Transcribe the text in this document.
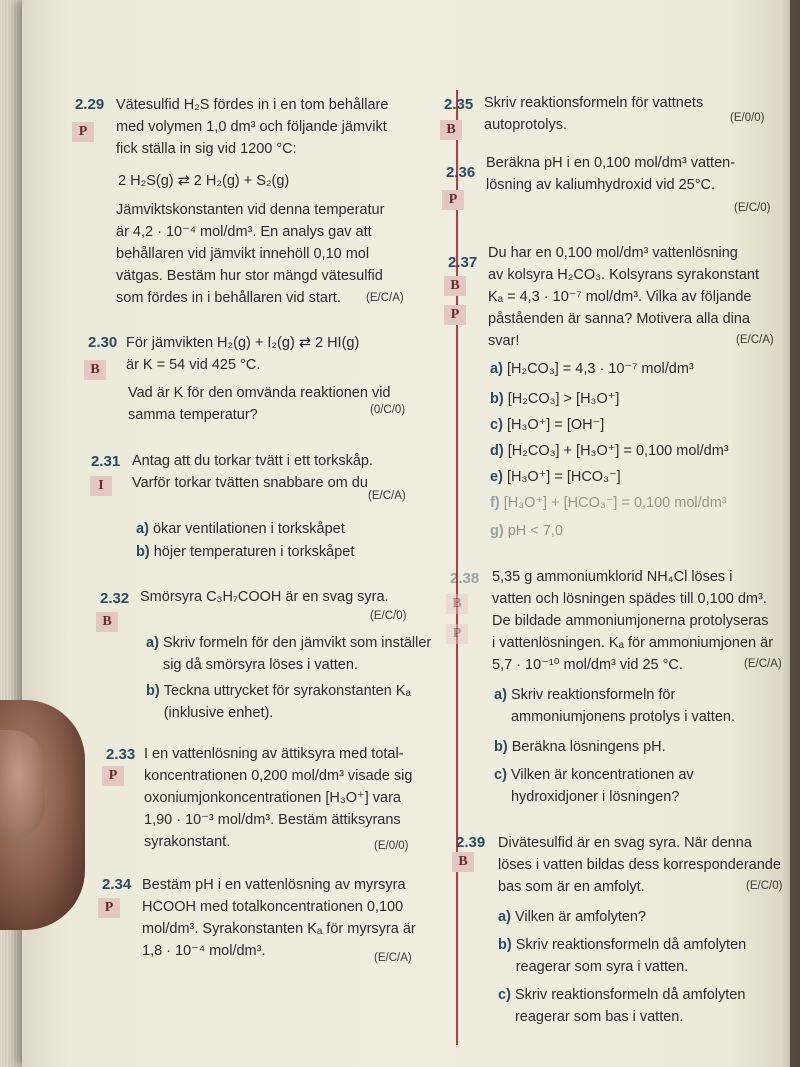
2.29
P
Vätesulfid H₂S fördes in i en tom behållare
med volymen 1,0 dm³ och följande jämvikt
fick ställa in sig vid 1200 °C:
2 H₂S(g) ⇄ 2 H₂(g) + S₂(g)
Jämviktskonstanten vid denna temperatur
är 4,2 · 10⁻⁴ mol/dm³. En analys gav att
behållaren vid jämvikt innehöll 0,10 mol
vätgas. Bestäm hur stor mängd vätesulfid
som fördes in i behållaren vid start.	(E/C/A)
2.30
B
För jämvikten H₂(g) + I₂(g) ⇄ 2 HI(g)
är K = 54 vid 425 °C.
Vad är K för den omvända reaktionen vid
samma temperatur?	(0/C/0)
2.31
I
Antag att du torkar tvätt i ett torkskåp.
Varför torkar tvätten snabbare om du
(E/C/A)
a) ökar ventilationen i torkskåpet
b) höjer temperaturen i torkskåpet
2.32
B
Smörsyra C₃H₇COOH är en svag syra.
(E/C/0)
a) Skriv formeln för den jämvikt som inställer
sig då smörsyra löses i vatten.
b) Teckna uttrycket för syrakonstanten Kₐ
(inklusive enhet).
2.33
P
I en vattenlösning av ättiksyra med total-
koncentrationen 0,200 mol/dm³ visade sig
oxoniumjonkoncentrationen [H₃O⁺] vara
1,90 · 10⁻³ mol/dm³. Bestäm ättiksyrans
syrakonstant.	(E/0/0)
2.34
P
Bestäm pH i en vattenlösning av myrsyra
HCOOH med totalkoncentrationen 0,100
mol/dm³. Syrakonstanten Kₐ för myrsyra är
1,8 · 10⁻⁴ mol/dm³.	(E/C/A)
2.35
B
Skriv reaktionsformeln för vattnets
autoprotolys.	(E/0/0)
2.36
P
Beräkna pH i en 0,100 mol/dm³ vatten-
lösning av kaliumhydroxid vid 25°C.
(E/C/0)
2.37
B
P
Du har en 0,100 mol/dm³ vattenlösning
av kolsyra H₂CO₃. Kolsyrans syrakonstant
Kₐ = 4,3 · 10⁻⁷ mol/dm³. Vilka av följande
påståenden är sanna? Motivera alla dina
svar!	(E/C/A)
a) [H₂CO₃] = 4,3 · 10⁻⁷ mol/dm³
b) [H₂CO₃] > [H₃O⁺]
c) [H₃O⁺] = [OH⁻]
d) [H₂CO₃] + [H₃O⁺] = 0,100 mol/dm³
e) [H₃O⁺] = [HCO₃⁻]
f) [H₃O⁺] + [HCO₃⁻] = 0,100 mol/dm³
g) pH < 7,0
2.38
B
P
5,35 g ammoniumklorid NH₄Cl löses i
vatten och lösningen spädes till 0,100 dm³.
De bildade ammoniumjonerna protolyseras
i vattenlösningen. Kₐ för ammoniumjonen är
5,7 · 10⁻¹⁰ mol/dm³ vid 25 °C.	(E/C/A)
a) Skriv reaktionsformeln för
ammoniumjonens protolys i vatten.
b) Beräkna lösningens pH.
c) Vilken är koncentrationen av
hydroxidjoner i lösningen?
2.39
B
Divätesulfid är en svag syra. När denna
löses i vatten bildas dess korresponderande
bas som är en amfolyt.	(E/C/0)
a) Vilken är amfolyten?
b) Skriv reaktionsformeln då amfolyten
reagerar som syra i vatten.
c) Skriv reaktionsformeln då amfolyten
reagerar som bas i vatten.
